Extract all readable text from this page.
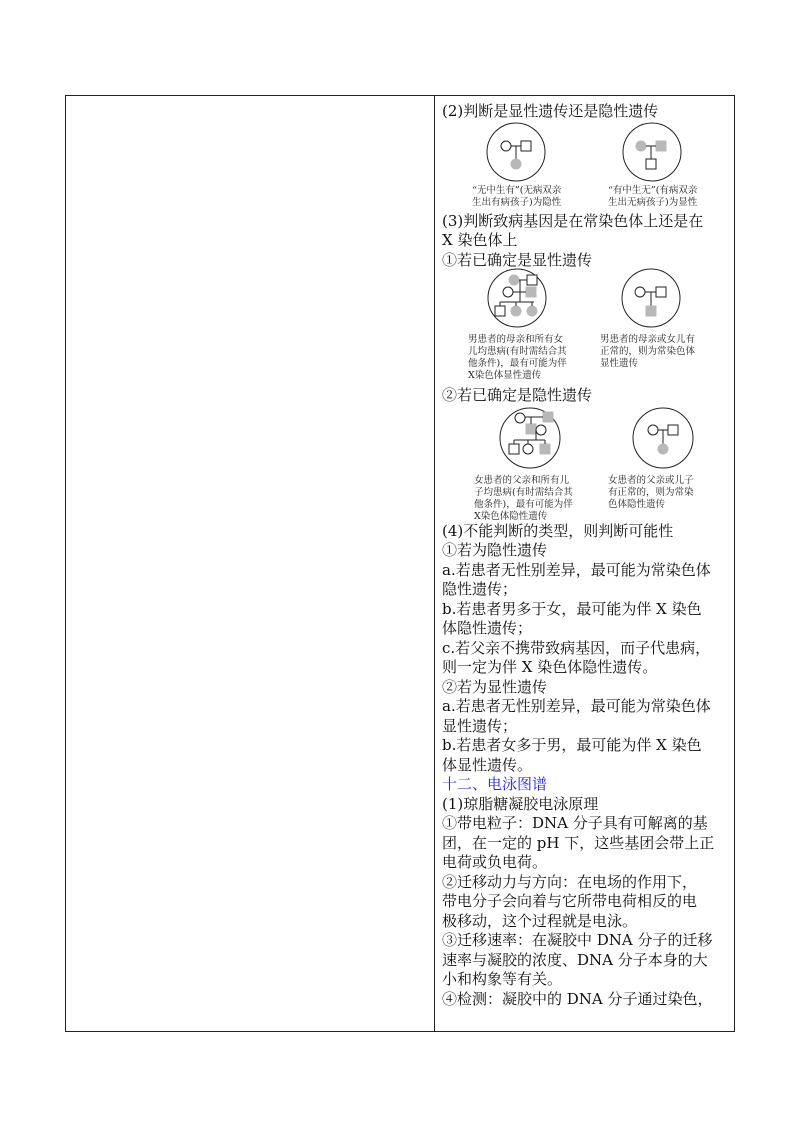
(2)判断是显性遗传还是隐性遗传

“无中生有”(无病双亲
生出有病孩子)为隐性
“有中生无”(有病双亲
生出无病孩子)为显性

(3)判断致病基因是在常染色体上还是在

X 染色体上

①若已确定是显性遗传

男患者的母亲和所有女
儿均患病(有时需结合其
他条件)，最有可能为伴
X染色体显性遗传
男患者的母亲或女儿有
正常的，则为常染色体
显性遗传

②若已确定是隐性遗传

女患者的父亲和所有儿
子均患病(有时需结合其
他条件)，最有可能为伴
X染色体隐性遗传
女患者的父亲或儿子
有正常的，则为常染
色体隐性遗传

(4)不能判断的类型，则判断可能性

①若为隐性遗传

a.若患者无性别差异，最可能为常染色体

隐性遗传；

b.若患者男多于女，最可能为伴 X 染色

体隐性遗传；

c.若父亲不携带致病基因，而子代患病，

则一定为伴 X 染色体隐性遗传。

②若为显性遗传

a.若患者无性别差异，最可能为常染色体

显性遗传；

b.若患者女多于男，最可能为伴 X 染色

体显性遗传。

十二、电泳图谱

(1)琼脂糖凝胶电泳原理

①带电粒子：DNA 分子具有可解离的基

团，在一定的 pH 下，这些基团会带上正

电荷或负电荷。

②迁移动力与方向：在电场的作用下，

带电分子会向着与它所带电荷相反的电

极移动，这个过程就是电泳。

③迁移速率：在凝胶中 DNA 分子的迁移

速率与凝胶的浓度、DNA 分子本身的大

小和构象等有关。

④检测：凝胶中的 DNA 分子通过染色，
